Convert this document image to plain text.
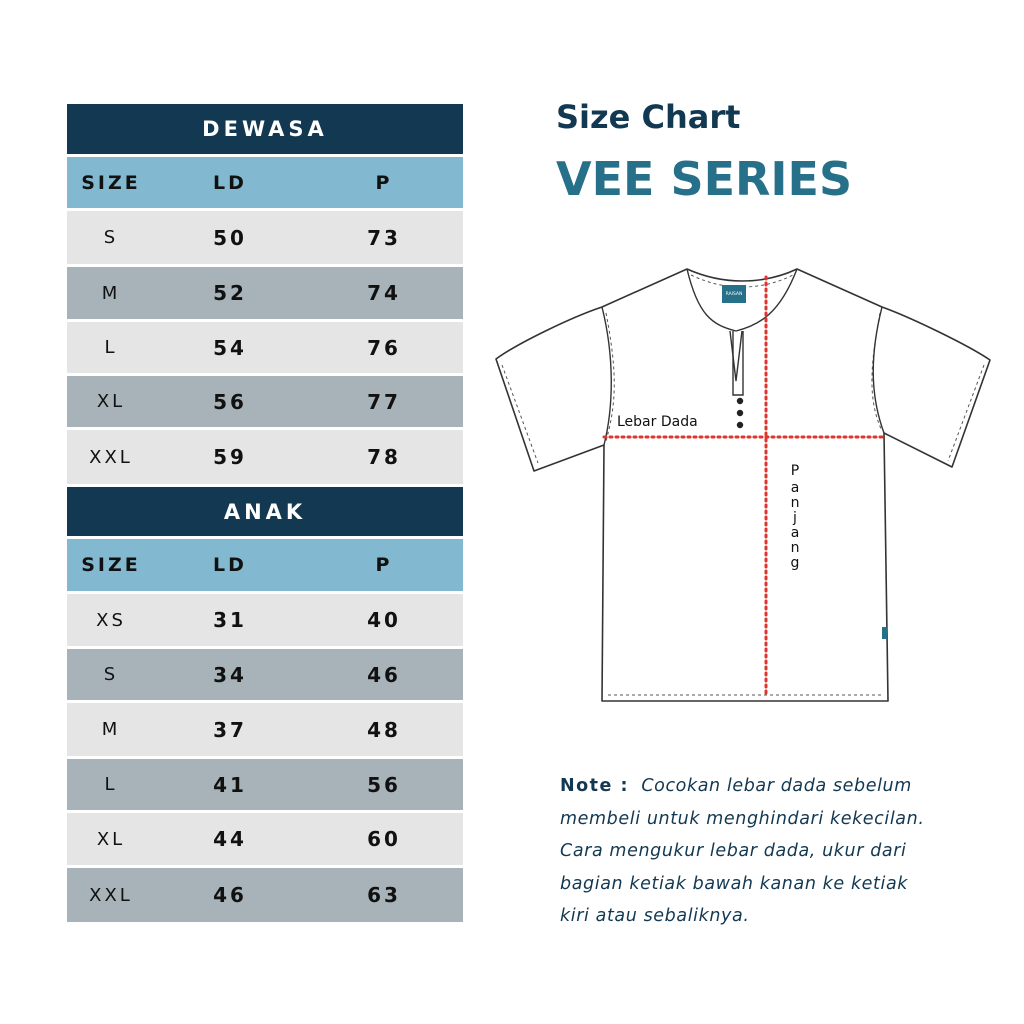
DEWASA
SIZE	LD	P
S	50	73
M	52	74
L	54	76
XL	56	77
XXL	59	78
ANAK
SIZE	LD	P
XS	31	40
S	34	46
M	37	48
L	41	56
XL	44	60
XXL	46	63
Size Chart
VEE SERIES
RAISAN
Lebar Dada
P
a
n
j
a
n
g
Note : Cocokan lebar dada sebelum
membeli untuk menghindari kekecilan.
Cara mengukur lebar dada, ukur dari
bagian ketiak bawah kanan ke ketiak
kiri atau sebaliknya.
